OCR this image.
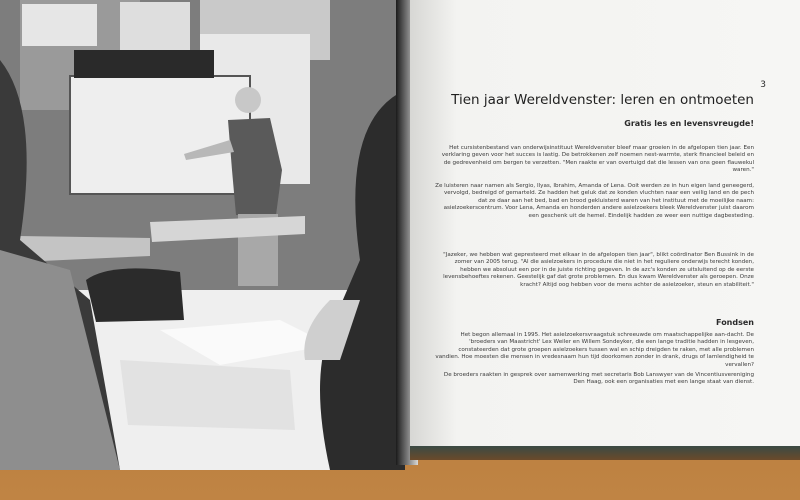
3
Tien jaar Wereldvenster: leren en ontmoeten
Gratis les en levensvreugde!
Het cursistenbestand van onderwijsinstituut Wereldvenster bleef maar groeien in de afgelopen tien jaar. Een verklaring geven voor het succes is lastig. De betrokkenen zelf noemen nest-warmte, sterk financieel beleid en de gedrevenheid om bergen te verzetten. "Men raakte er van overtuigd dat die lessen van ons geen flauwekul waren."
Ze luisteren naar namen als Sergio, Ilyas, Ibrahim, Amanda of Lena. Ooit werden ze in hun eigen land geneegerd, vervolgd, bedreigd of gemarteld. Ze hadden het geluk dat ze konden vluchten naar een veilig land en de pech dat ze daar aan het bed, bad en brood gekluisterd waren van het instituut met de moeilijke naam: asielzoekerscentrum. Voor Lena, Amanda en honderden andere asielzoekers bleek Wereldvenster juist daarom een geschenk uit de hemel. Eindelijk hadden ze weer een nuttige dagbesteding.
"Jazeker, we hebben wat gepresteerd met elkaar in de afgelopen tien jaar", blikt coördinator Ben Bussink in de zomer van 2005 terug. "Al die asielzoekers in procedure die niet in het reguliere onderwijs terecht konden, hebben we absoluut een por in de juiste richting gegeven. In de azc's konden ze uitsluitend op de eerste levensbehoeftes rekenen. Geestelijk gaf dat grote problemen. En dus kwam Wereldvenster als geroepen. Onze kracht? Altijd oog hebben voor de mens achter de asielzoeker, steun en stabiliteit."
Fondsen
Het begon allemaal in 1995. Het asielzoekersvraagstuk schreeuwde om maatschappelijke aan-dacht. De 'broeders van Maastricht' Lex Weiler en Willem Sondeyker, die een lange traditie hadden in lesgeven, constateerden dat grote groepen asielzoekers tussen wal en schip dreigden te raken, met alle problemen vandien. Hoe moesten die mensen in vredesnaam hun tijd doorkomen zonder in drank, drugs of lamlendigheid te vervallen?
De broeders raakten in gesprek over samenwerking met secretaris Bob Lanswyer van de Vincentiusvereniging Den Haag, ook een organisaties met een lange staat van dienst.
